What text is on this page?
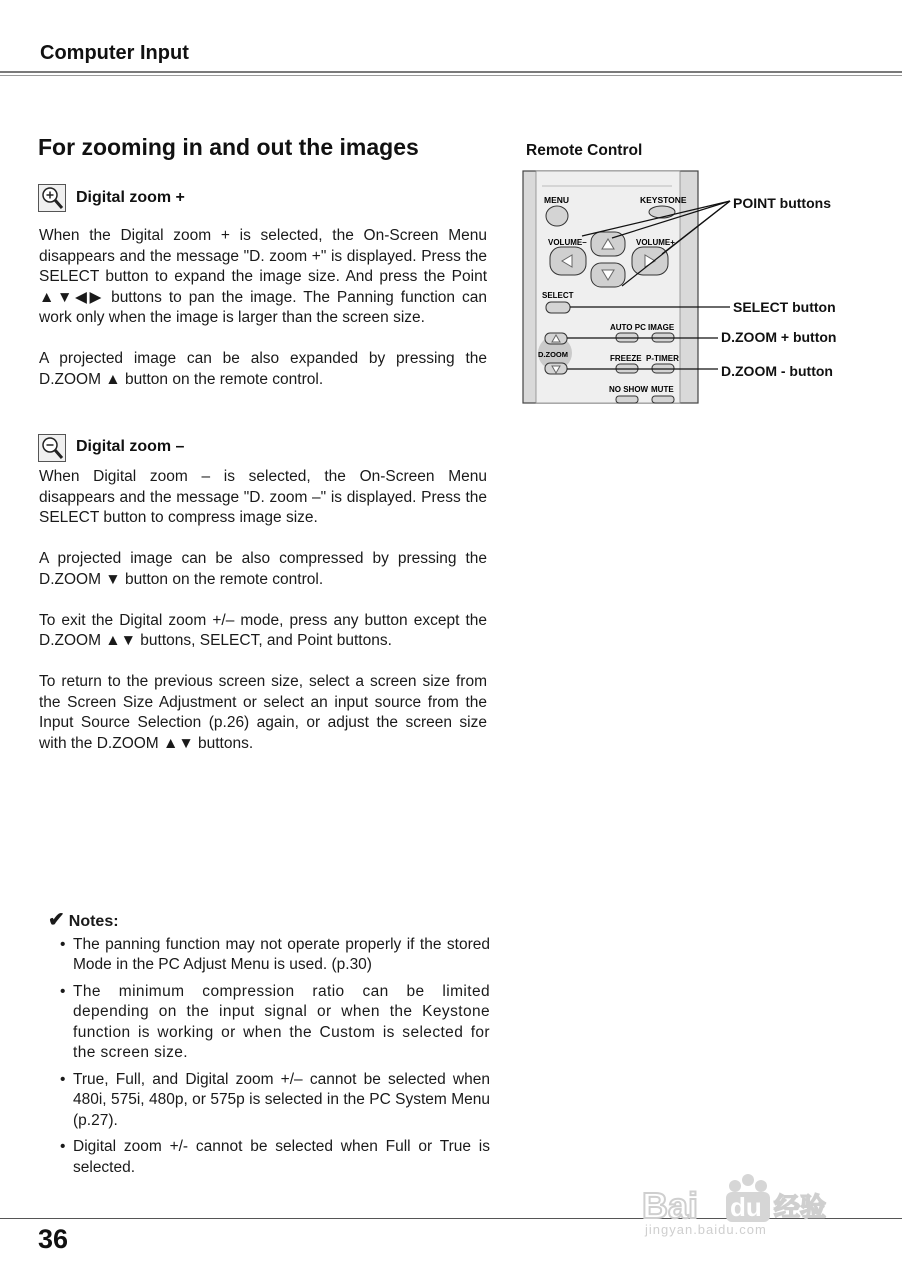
Computer Input
For zooming in and out the images
Digital zoom +

When the Digital zoom + is selected, the On-Screen Menu disappears and the message "D. zoom +" is displayed. Press the SELECT button to expand the image size. And press the Point ▲▼◀▶ buttons to pan the image. The Panning function can work only when the image is larger than the screen size.

A projected image can be also expanded by pressing the D.ZOOM ▲ button on the remote control.

Digital zoom –

When Digital zoom – is selected, the On-Screen Menu disappears and the message "D. zoom –" is displayed. Press the SELECT button to compress image size.

A projected image can be also compressed by pressing the D.ZOOM ▼ button on the remote control.

To exit the Digital zoom +/– mode, press any button except the D.ZOOM ▲▼ buttons, SELECT, and Point buttons.

To return to the previous screen size, select a screen size from the Screen Size Adjustment or select an input source from the Input Source Selection (p.26) again, or adjust the screen size with the D.ZOOM ▲▼ buttons.

Remote Control
MENU	KEYSTONE
VOLUME–	VOLUME+
SELECT
AUTO PC IMAGE
D.ZOOM	FREEZE P-TIMER
NO SHOW MUTE
POINT buttons
SELECT button
D.ZOOM + button
D.ZOOM - button
✔ Notes:
• The panning function may not operate properly if the stored Mode in the PC Adjust Menu is used. (p.30)
• The minimum compression ratio can be limited depending on the input signal or when the Keystone function is working or when the Custom is selected for the screen size.
• True, Full, and Digital zoom +/– cannot be selected when 480i, 575i, 480p, or 575p is selected in the PC System Menu (p.27).
• Digital zoom +/- cannot be selected when Full or True is selected.
36
Bai du 经验
jingyan.baidu.com
